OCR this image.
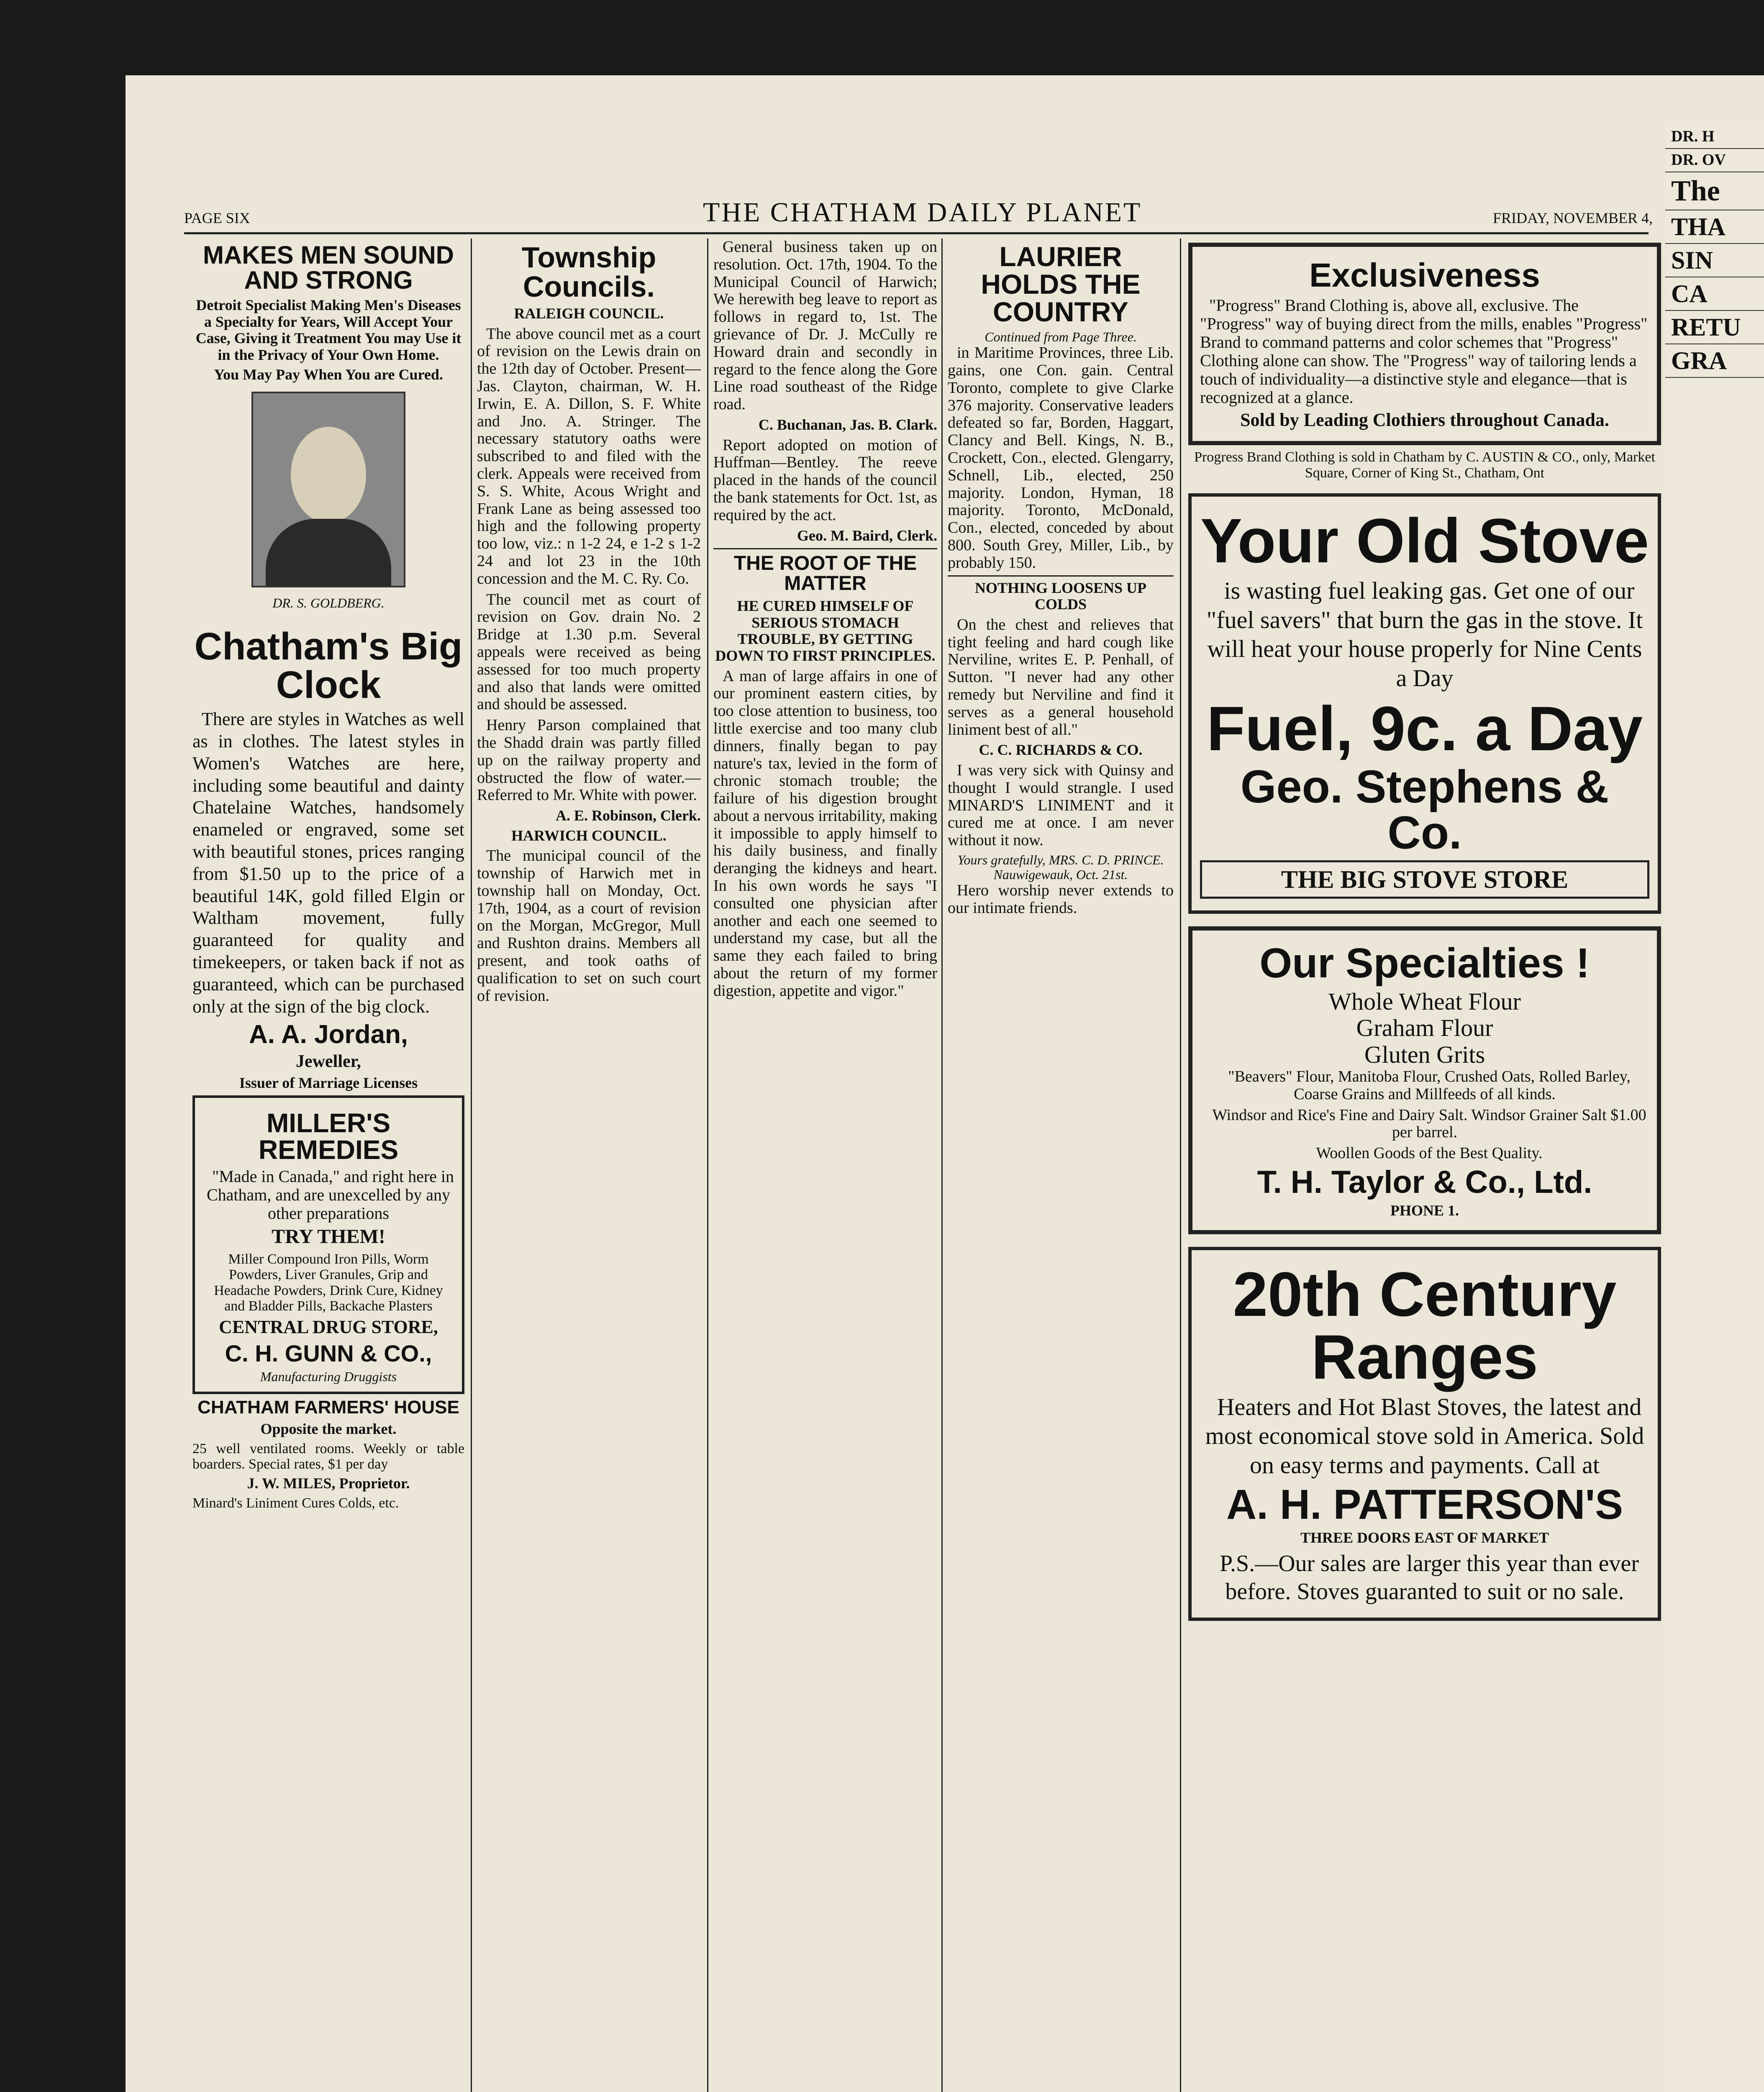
PAGE SIX	THE CHATHAM DAILY PLANET	FRIDAY, NOVEMBER 4,
MAKES MEN SOUND AND STRONG
Detroit Specialist Making Men's Diseases a Specialty for Years, Will Accept Your Case, Giving it Treatment You may Use it in the Privacy of Your Own Home.
You May Pay When You are Cured.
DR. S. GOLDBERG.
Chatham's Big Clock

There are styles in Watches as well as in clothes. The latest styles in Women's Watches are here, including some beautiful and dainty Chatelaine Watches, handsomely enameled or engraved, some set with beautiful stones, prices ranging from $1.50 up to the price of a beautiful 14K, gold filled Elgin or Waltham movement, fully guaranteed for quality and timekeepers, or taken back if not as guaranteed, which can be purchased only at the sign of the big clock.

A. A. Jordan,
Jeweller,
Issuer of Marriage Licenses
MILLER'S REMEDIES

"Made in Canada," and right here in Chatham, and are unexcelled by any other preparations

TRY THEM!
Miller Compound Iron Pills, Worm Powders, Liver Granules, Grip and Headache Powders, Drink Cure, Kidney and Bladder Pills, Backache Plasters
CENTRAL DRUG STORE,
C. H. GUNN & CO.,
Manufacturing Druggists
CHATHAM FARMERS' HOUSE
Opposite the market.
25 well ventilated rooms. Weekly or table boarders. Special rates, $1 per day
J. W. MILES, Proprietor.
Minard's Liniment Cures Colds, etc.
Township Councils.
RALEIGH COUNCIL.

The above council met as a court of revision on the Lewis drain on the 12th day of October. Present—Jas. Clayton, chairman, W. H. Irwin, E. A. Dillon, S. F. White and Jno. A. Stringer. The necessary statutory oaths were subscribed to and filed with the clerk. Appeals were received from S. S. White, Acous Wright and Frank Lane as being assessed too high and the following property too low, viz.: n 1-2 24, e 1-2 s 1-2 24 and lot 23 in the 10th concession and the M. C. Ry. Co.

The council met as court of revision on Gov. drain No. 2 Bridge at 1.30 p.m. Several appeals were received as being assessed for too much property and also that lands were omitted and should be assessed.

Henry Parson complained that the Shadd drain was partly filled up on the railway property and obstructed the flow of water.—Referred to Mr. White with power.

A. E. Robinson, Clerk.
HARWICH COUNCIL.

The municipal council of the township of Harwich met in township hall on Monday, Oct. 17th, 1904, as a court of revision on the Morgan, McGregor, Mull and Rushton drains. Members all present, and took oaths of qualification to set on such court of revision.

General business taken up on resolution. Oct. 17th, 1904. To the Municipal Council of Harwich; We herewith beg leave to report as follows in regard to, 1st. The grievance of Dr. J. McCully re Howard drain and secondly in regard to the fence along the Gore Line road southeast of the Ridge road.

C. Buchanan, Jas. B. Clark.

Report adopted on motion of Huffman—Bentley. The reeve placed in the hands of the council the bank statements for Oct. 1st, as required by the act.

Geo. M. Baird, Clerk.
THE ROOT OF THE MATTER
HE CURED HIMSELF OF SERIOUS STOMACH TROUBLE, BY GETTING DOWN TO FIRST PRINCIPLES.

A man of large affairs in one of our prominent eastern cities, by too close attention to business, too little exercise and too many club dinners, finally began to pay nature's tax, levied in the form of chronic stomach trouble; the failure of his digestion brought about a nervous irritability, making it impossible to apply himself to his daily business, and finally deranging the kidneys and heart. In his own words he says "I consulted one physician after another and each one seemed to understand my case, but all the same they each failed to bring about the return of my former digestion, appetite and vigor."

LAURIER HOLDS THE COUNTRY
Continued from Page Three.

in Maritime Provinces, three Lib. gains, one Con. gain. Central Toronto, complete to give Clarke 376 majority. Conservative leaders defeated so far, Borden, Haggart, Clancy and Bell. Kings, N. B., Crockett, Con., elected. Glengarry, Schnell, Lib., elected, 250 majority. London, Hyman, 18 majority. Toronto, McDonald, Con., elected, conceded by about 800. South Grey, Miller, Lib., by probably 150.

NOTHING LOOSENS UP COLDS

On the chest and relieves that tight feeling and hard cough like Nerviline, writes E. P. Penhall, of Sutton. "I never had any other remedy but Nerviline and find it serves as a general household liniment best of all."

C. C. RICHARDS & CO.

I was very sick with Quinsy and thought I would strangle. I used MINARD'S LINIMENT and it cured me at once. I am never without it now.

Yours gratefully, MRS. C. D. PRINCE. Nauwigewauk, Oct. 21st.

Hero worship never extends to our intimate friends.

Exclusiveness

"Progress" Brand Clothing is, above all, exclusive. The "Progress" way of buying direct from the mills, enables "Progress" Brand to command patterns and color schemes that "Progress" Clothing alone can show. The "Progress" way of tailoring lends a touch of individuality—a distinctive style and elegance—that is recognized at a glance.

Sold by Leading Clothiers throughout Canada.
Progress Brand Clothing is sold in Chatham by C. AUSTIN & CO., only, Market Square, Corner of King St., Chatham, Ont
Your Old Stove

is wasting fuel leaking gas. Get one of our "fuel savers" that burn the gas in the stove. It will heat your house properly for Nine Cents a Day

Fuel, 9c. a Day
Geo. Stephens & Co.
THE BIG STOVE STORE
Our Specialties !
Whole Wheat Flour
Graham Flour
Gluten Grits

"Beavers" Flour, Manitoba Flour, Crushed Oats, Rolled Barley, Coarse Grains and Millfeeds of all kinds.

Windsor and Rice's Fine and Dairy Salt. Windsor Grainer Salt $1.00 per barrel.

Woollen Goods of the Best Quality.

T. H. Taylor & Co., Ltd.
PHONE 1.
20th Century Ranges

Heaters and Hot Blast Stoves, the latest and most economical stove sold in America. Sold on easy terms and payments. Call at

A. H. PATTERSON'S
THREE DOORS EAST OF MARKET

P.S.—Our sales are larger this year than ever before. Stoves guaranted to suit or no sale.

DR. H
DR. OV
The
THA
SIN
CA
RETU
GRA
